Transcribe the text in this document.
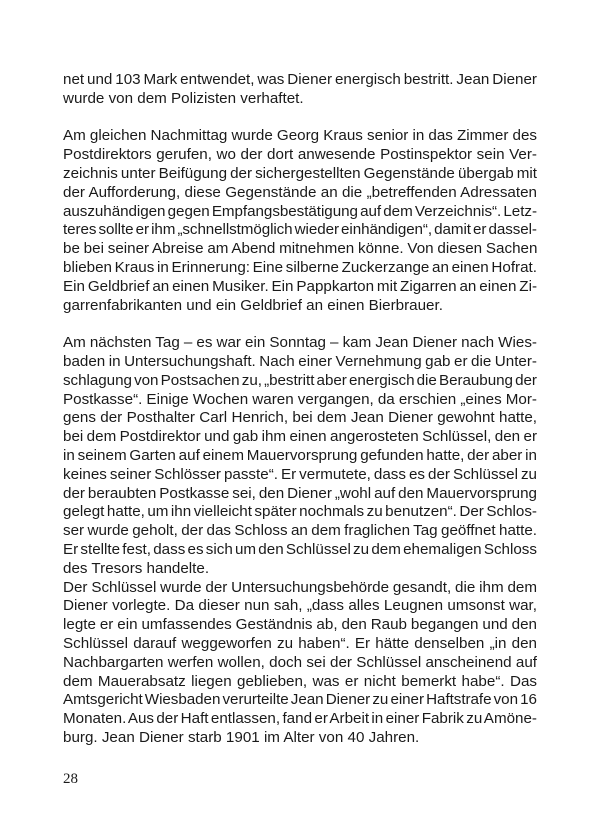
net und 103 Mark entwendet, was Diener energisch bestritt. Jean Diener
wurde von dem Polizisten verhaftet.
Am gleichen Nachmittag wurde Georg Kraus senior in das Zimmer des
Postdirektors gerufen, wo der dort anwesende Postinspektor sein Ver-
zeichnis unter Beifügung der sichergestellten Gegenstände übergab mit
der Aufforderung, diese Gegenstände an die „betreffenden Adressaten
auszuhändigen gegen Empfangsbestätigung auf dem Verzeichnis“. Letz-
teres sollte er ihm „schnellstmöglich wieder einhändigen“, damit er dassel-
be bei seiner Abreise am Abend mitnehmen könne. Von diesen Sachen
blieben Kraus in Erinnerung: Eine silberne Zuckerzange an einen Hofrat.
Ein Geldbrief an einen Musiker. Ein Pappkarton mit Zigarren an einen Zi-
garrenfabrikanten und ein Geldbrief an einen Bierbrauer.
Am nächsten Tag – es war ein Sonntag – kam Jean Diener nach Wies-
baden in Untersuchungshaft. Nach einer Vernehmung gab er die Unter-
schlagung von Postsachen zu, „bestritt aber energisch die Beraubung der
Postkasse“. Einige Wochen waren vergangen, da erschien „eines Mor-
gens der Posthalter Carl Henrich, bei dem Jean Diener gewohnt hatte,
bei dem Postdirektor und gab ihm einen angerosteten Schlüssel, den er
in seinem Garten auf einem Mauervorsprung gefunden hatte, der aber in
keines seiner Schlösser passte“. Er vermutete, dass es der Schlüssel zu
der beraubten Postkasse sei, den Diener „wohl auf den Mauervorsprung
gelegt hatte, um ihn vielleicht später nochmals zu benutzen“. Der Schlos-
ser wurde geholt, der das Schloss an dem fraglichen Tag geöffnet hatte.
Er stellte fest, dass es sich um den Schlüssel zu dem ehemaligen Schloss
des Tresors handelte.
Der Schlüssel wurde der Untersuchungsbehörde gesandt, die ihm dem
Diener vorlegte. Da dieser nun sah, „dass alles Leugnen umsonst war,
legte er ein umfassendes Geständnis ab, den Raub begangen und den
Schlüssel darauf weggeworfen zu haben“. Er hätte denselben „in den
Nachbargarten werfen wollen, doch sei der Schlüssel anscheinend auf
dem Mauerabsatz liegen geblieben, was er nicht bemerkt habe“. Das
Amtsgericht Wiesbaden verurteilte Jean Diener zu einer Haftstrafe von 16
Monaten. Aus der Haft entlassen, fand er Arbeit in einer Fabrik zu Amöne-
burg. Jean Diener starb 1901 im Alter von 40 Jahren.
28
